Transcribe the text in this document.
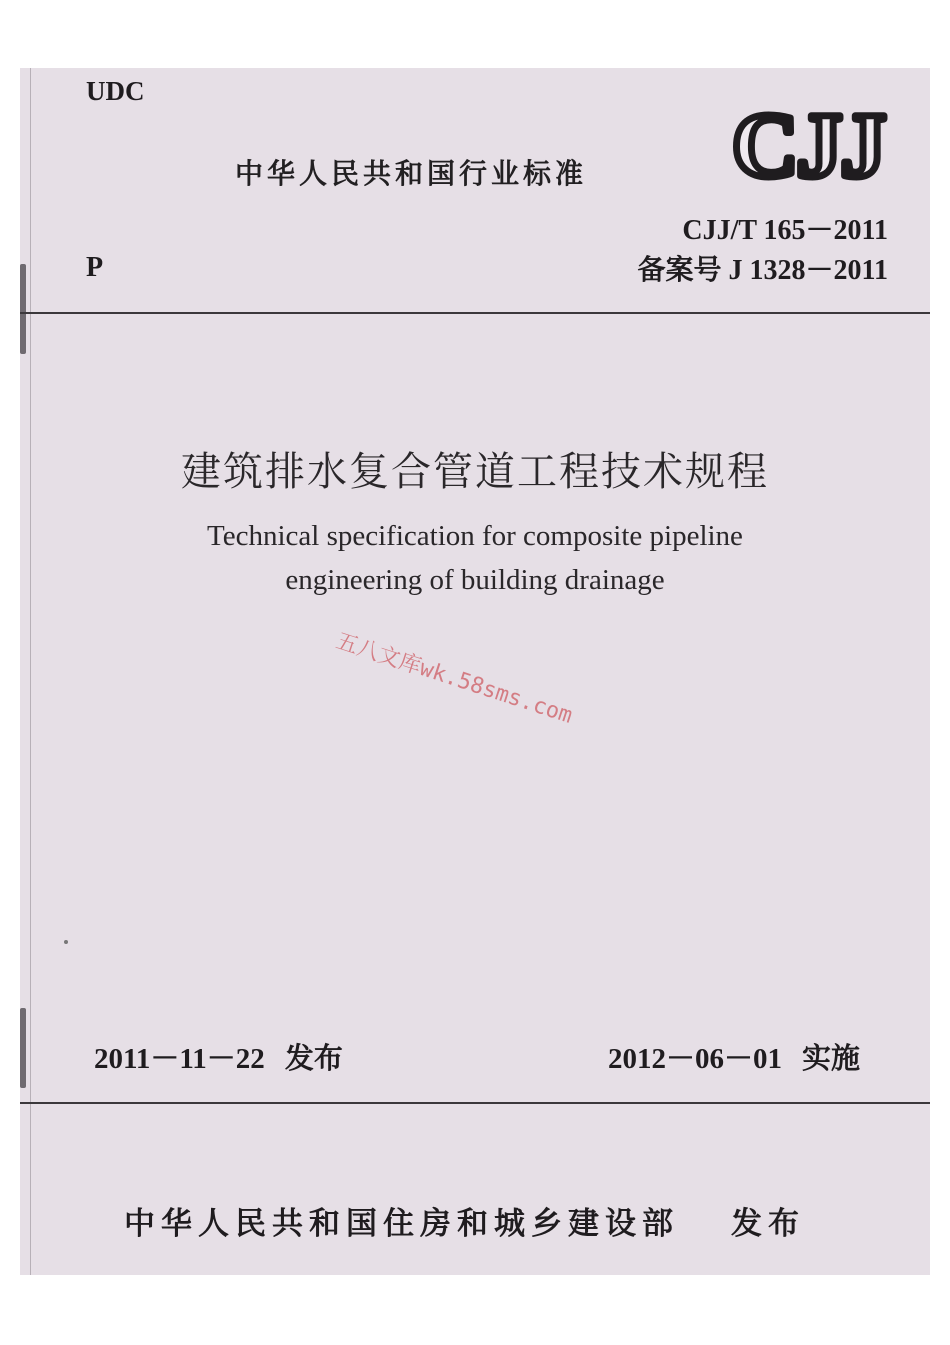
UDC
中华人民共和国行业标准 CJJ
CJJ/T 165－2011
P	备案号 J 1328－2011
建筑排水复合管道工程技术规程
Technical specification for composite pipeline
engineering of building drainage
五八文库wk.58sms.com
2011－11－22 发布	2012－06－01 实施
中华人民共和国住房和城乡建设部 发布
